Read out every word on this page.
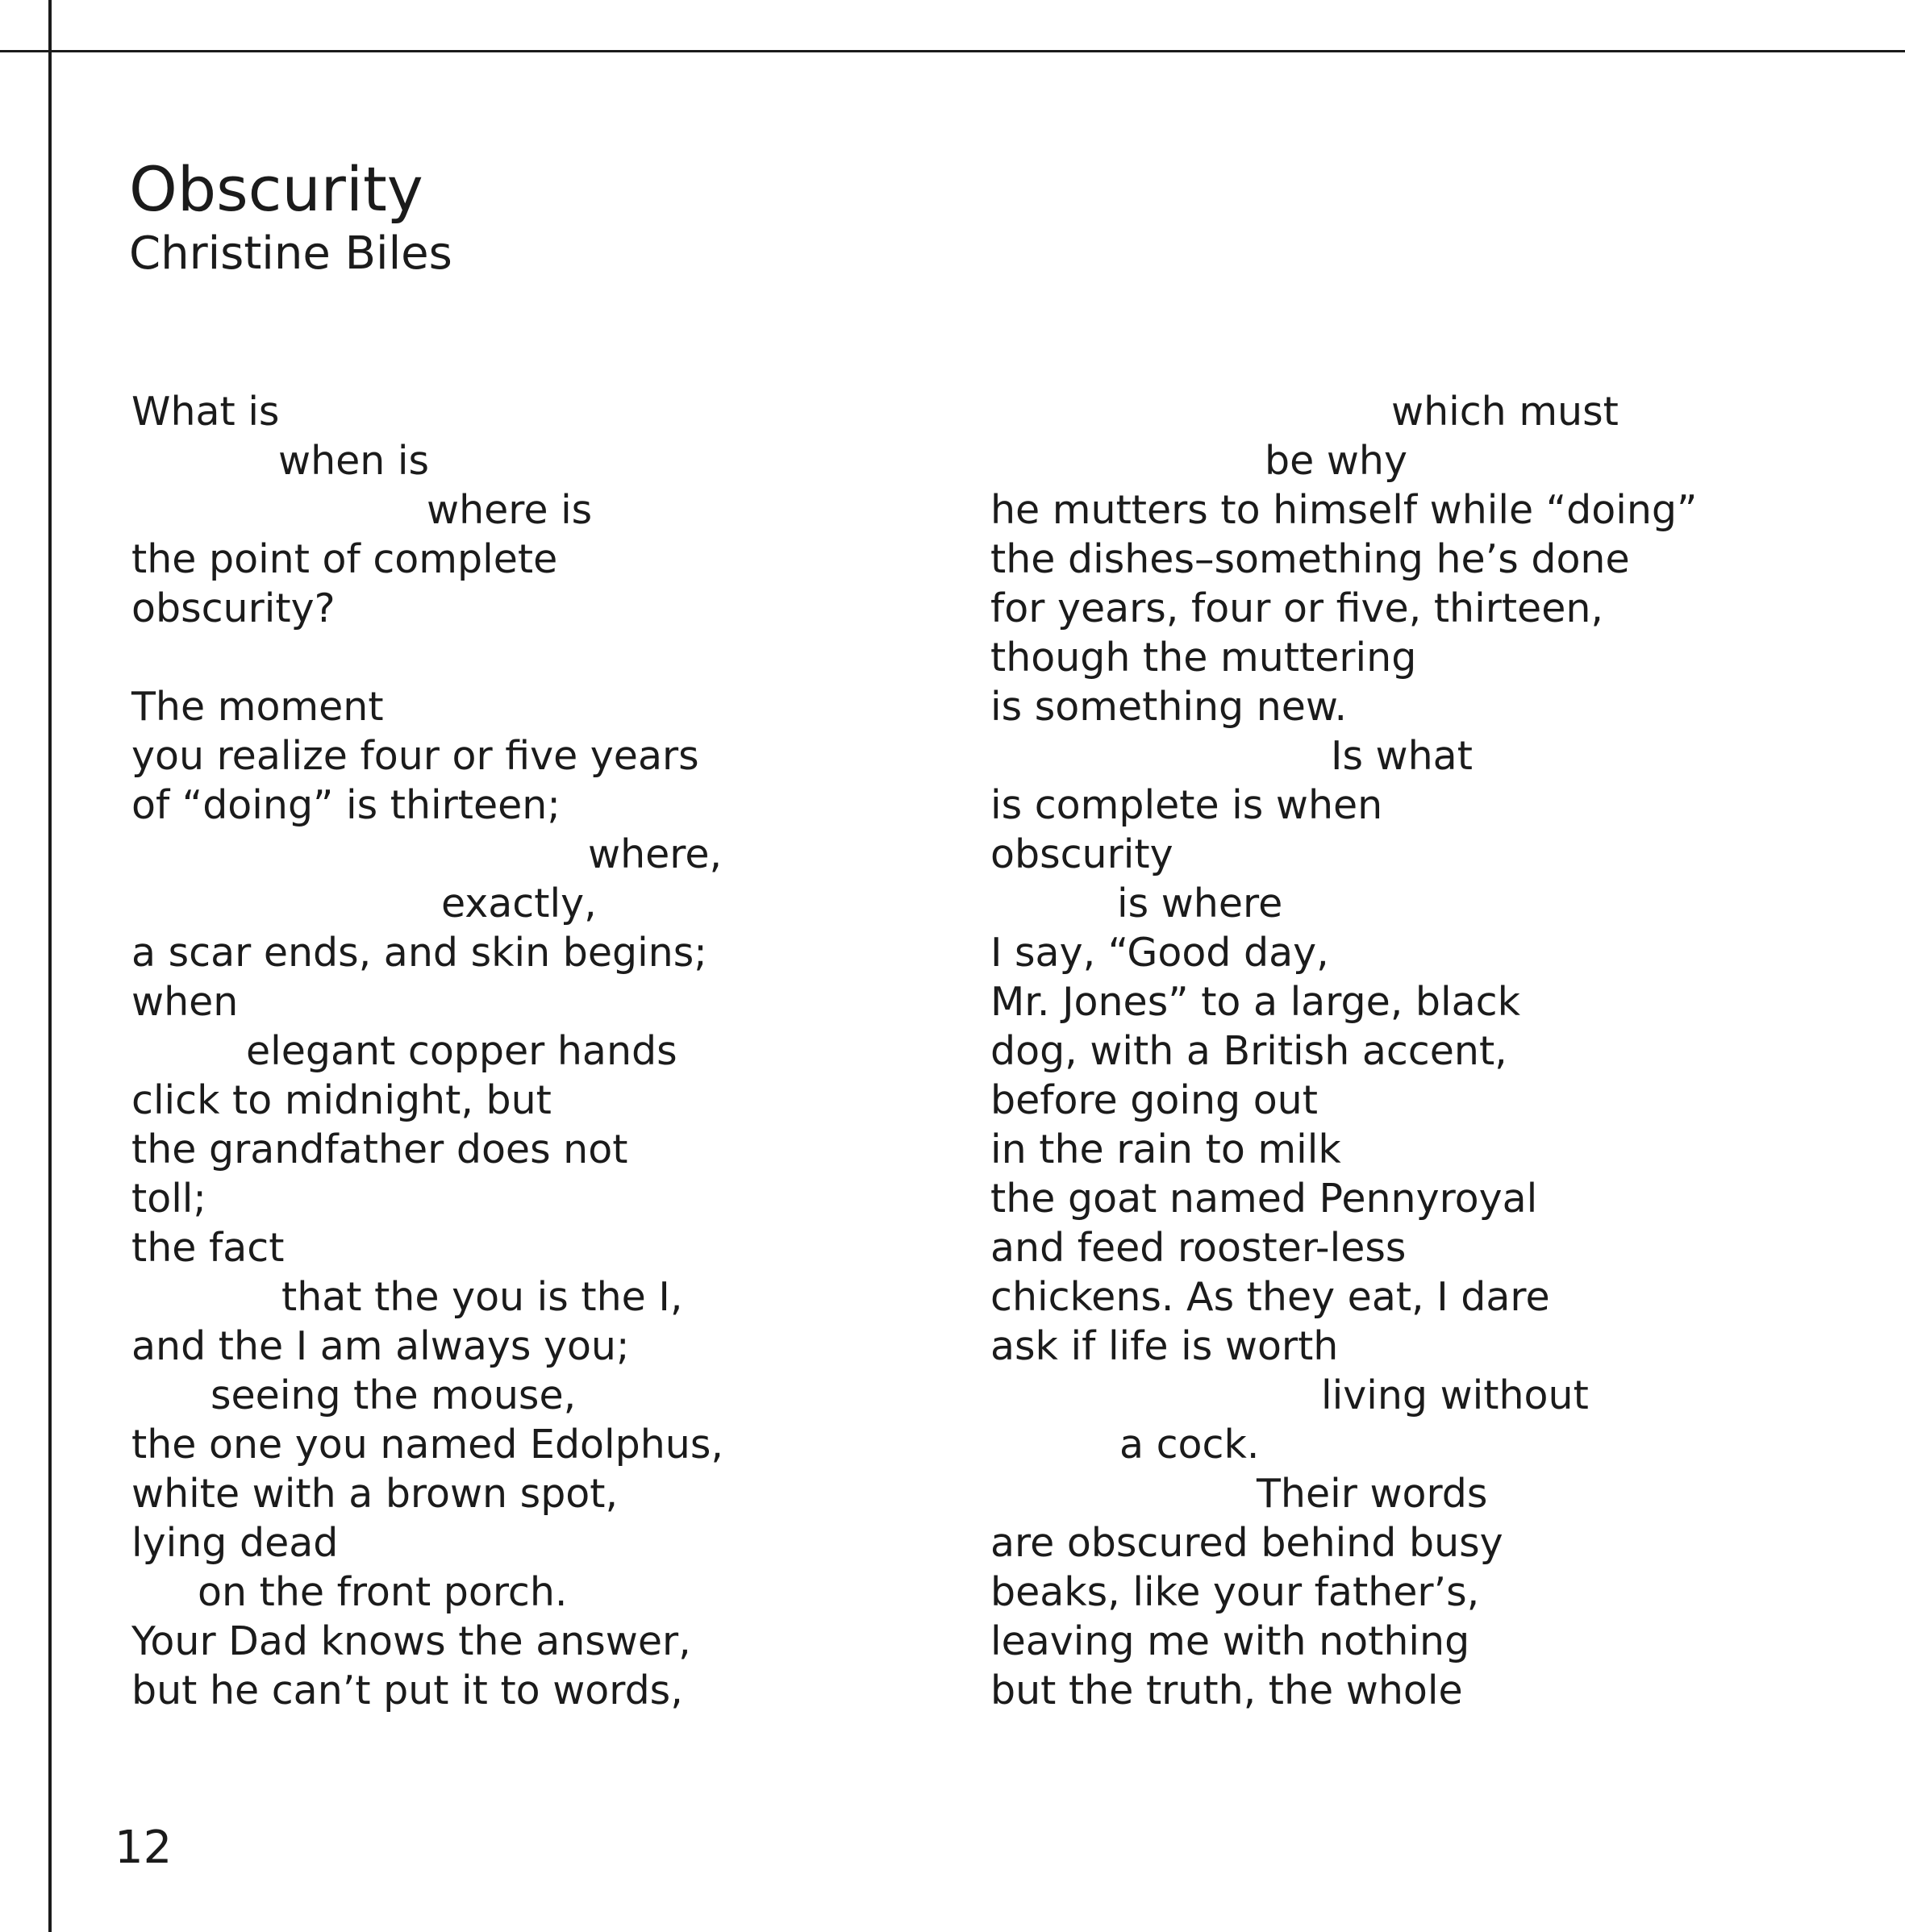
Obscurity
Christine Biles
What is
when is
where is
the point of complete
obscurity?
The moment
you realize four or five years
of “doing” is thirteen;
where,
exactly,
a scar ends, and skin begins;
when
elegant copper hands
click to midnight, but
the grandfather does not
toll;
the fact
that the you is the I,
and the I am always you;
seeing the mouse,
the one you named Edolphus,
white with a brown spot,
lying dead
on the front porch.
Your Dad knows the answer,
but he can’t put it to words,
which must
be why
he mutters to himself while “doing”
the dishes–something he’s done
for years, four or five, thirteen,
though the muttering
is something new.
Is what
is complete is when
obscurity
is where
I say, “Good day,
Mr. Jones” to a large, black
dog, with a British accent,
before going out
in the rain to milk
the goat named Pennyroyal
and feed rooster-less
chickens. As they eat, I dare
ask if life is worth
living without
a cock.
Their words
are obscured behind busy
beaks, like your father’s,
leaving me with nothing
but the truth, the whole
12
